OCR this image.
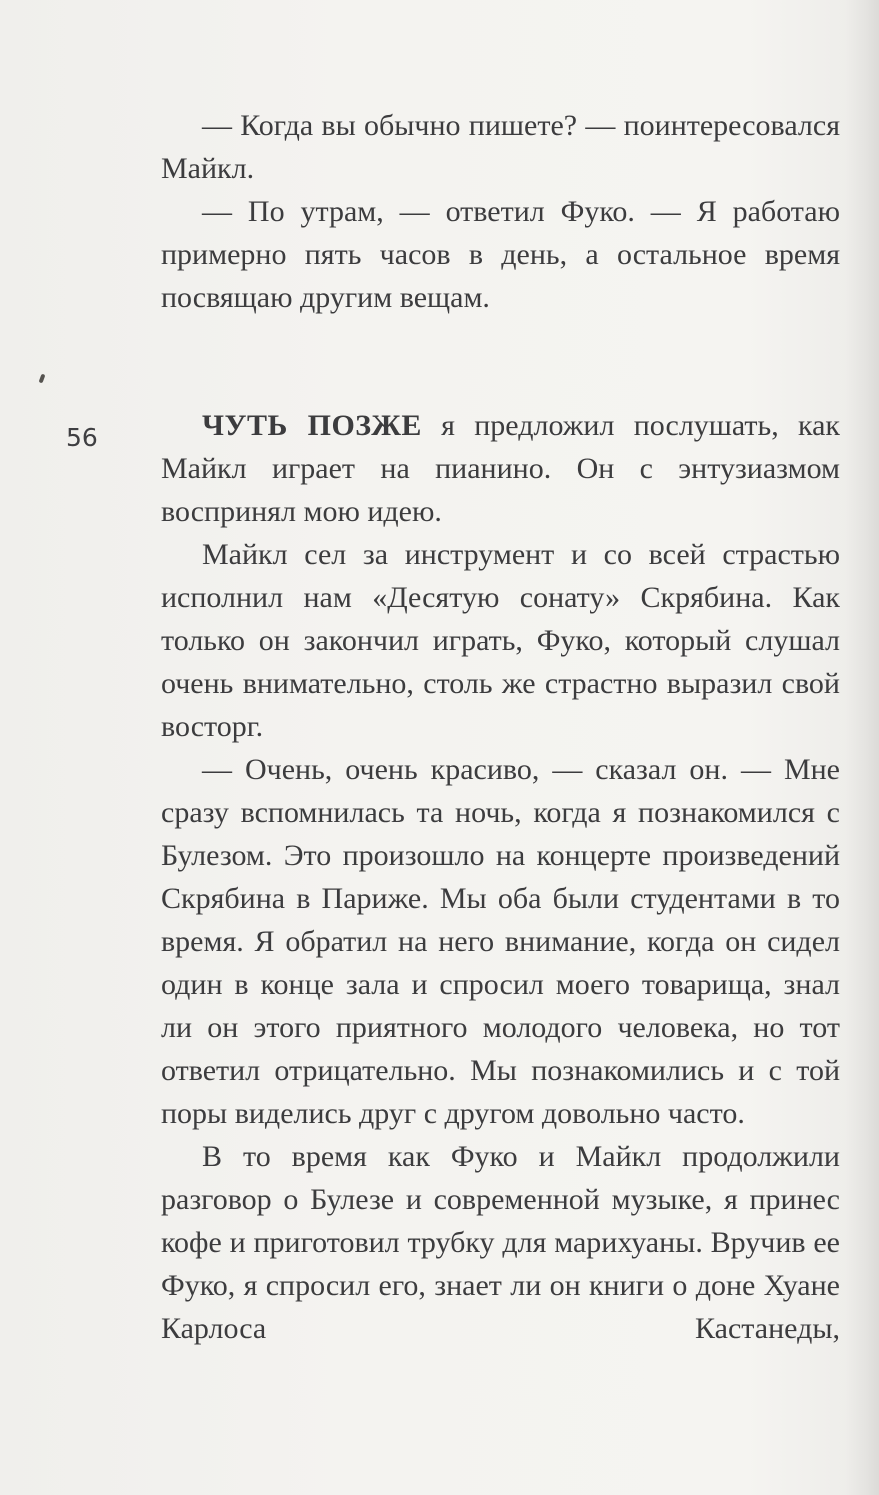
56

— Когда вы обычно пишете? — поинтересовался Майкл.

— По утрам, — ответил Фуко. — Я работаю примерно пять часов в день, а остальное время посвящаю другим вещам.

ЧУТЬ ПОЗЖЕ я предложил послушать, как Майкл играет на пианино. Он с энтузиазмом воспринял мою идею.

Майкл сел за инструмент и со всей страстью исполнил нам «Десятую сонату» Скрябина. Как только он закончил играть, Фуко, который слушал очень внимательно, столь же страстно выразил свой восторг.

— Очень, очень красиво, — сказал он. — Мне сразу вспомнилась та ночь, когда я познакомился с Булезом. Это произошло на концерте произведений Скрябина в Париже. Мы оба были студентами в то время. Я обратил на него внимание, когда он сидел один в конце зала и спросил моего товарища, знал ли он этого приятного молодого человека, но тот ответил отрицательно. Мы познакомились и с той поры виделись друг с другом довольно часто.

В то время как Фуко и Майкл продолжили разговор о Булезе и современной музыке, я принес кофе и приготовил трубку для марихуаны. Вручив ее Фуко, я спросил его, знает ли он книги о доне Хуане Карлоса Кастанеды,
